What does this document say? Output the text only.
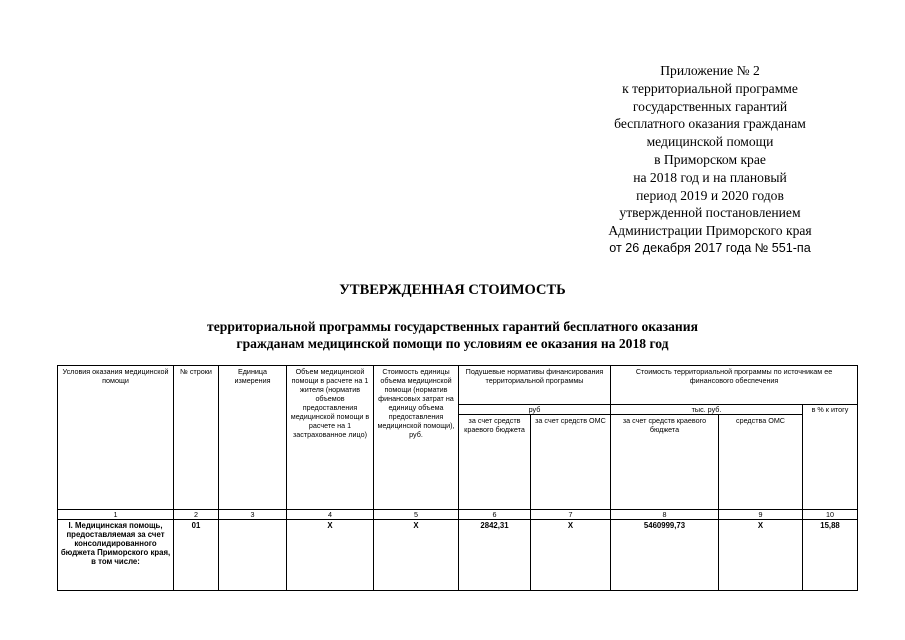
Приложение № 2
к территориальной программе
государственных гарантий
бесплатного оказания гражданам
медицинской помощи
в Приморском крае
на 2018 год и на плановый
период 2019 и 2020 годов
утвержденной постановлением
Администрации Приморского края
от 26 декабря 2017 года № 551-па
УТВЕРЖДЕННАЯ СТОИМОСТЬ
территориальной программы государственных гарантий бесплатного оказания
гражданам медицинской помощи по условиям ее оказания на 2018 год
Условия оказания медицинской помощи	№ строки	Единица измерения	Объем медицинской помощи в расчете на 1 жителя (норматив объемов предоставления медицинской помощи в расчете на 1 застрахованное лицо)	Стоимость единицы объема медицинской помощи (норматив финансовых затрат на единицу объема предоставления медицинской помощи), руб.	Подушевые нормативы финансирования территориальной программы		Стоимость территориальной программы по источникам ее финансового обеспечения		
					руб		тыс. руб.		в % к итогу
					за счет средств краевого бюджета	за счет средств ОМС	за счет средств краевого бюджета	средства ОМС	
1	2	3	4	5	6	7	8	9	10
I. Медицинская помощь, предоставляемая за счет консолидированного бюджета Приморского края, в том числе:	01		X	X	2842,31	X	5460999,73	X	15,88
